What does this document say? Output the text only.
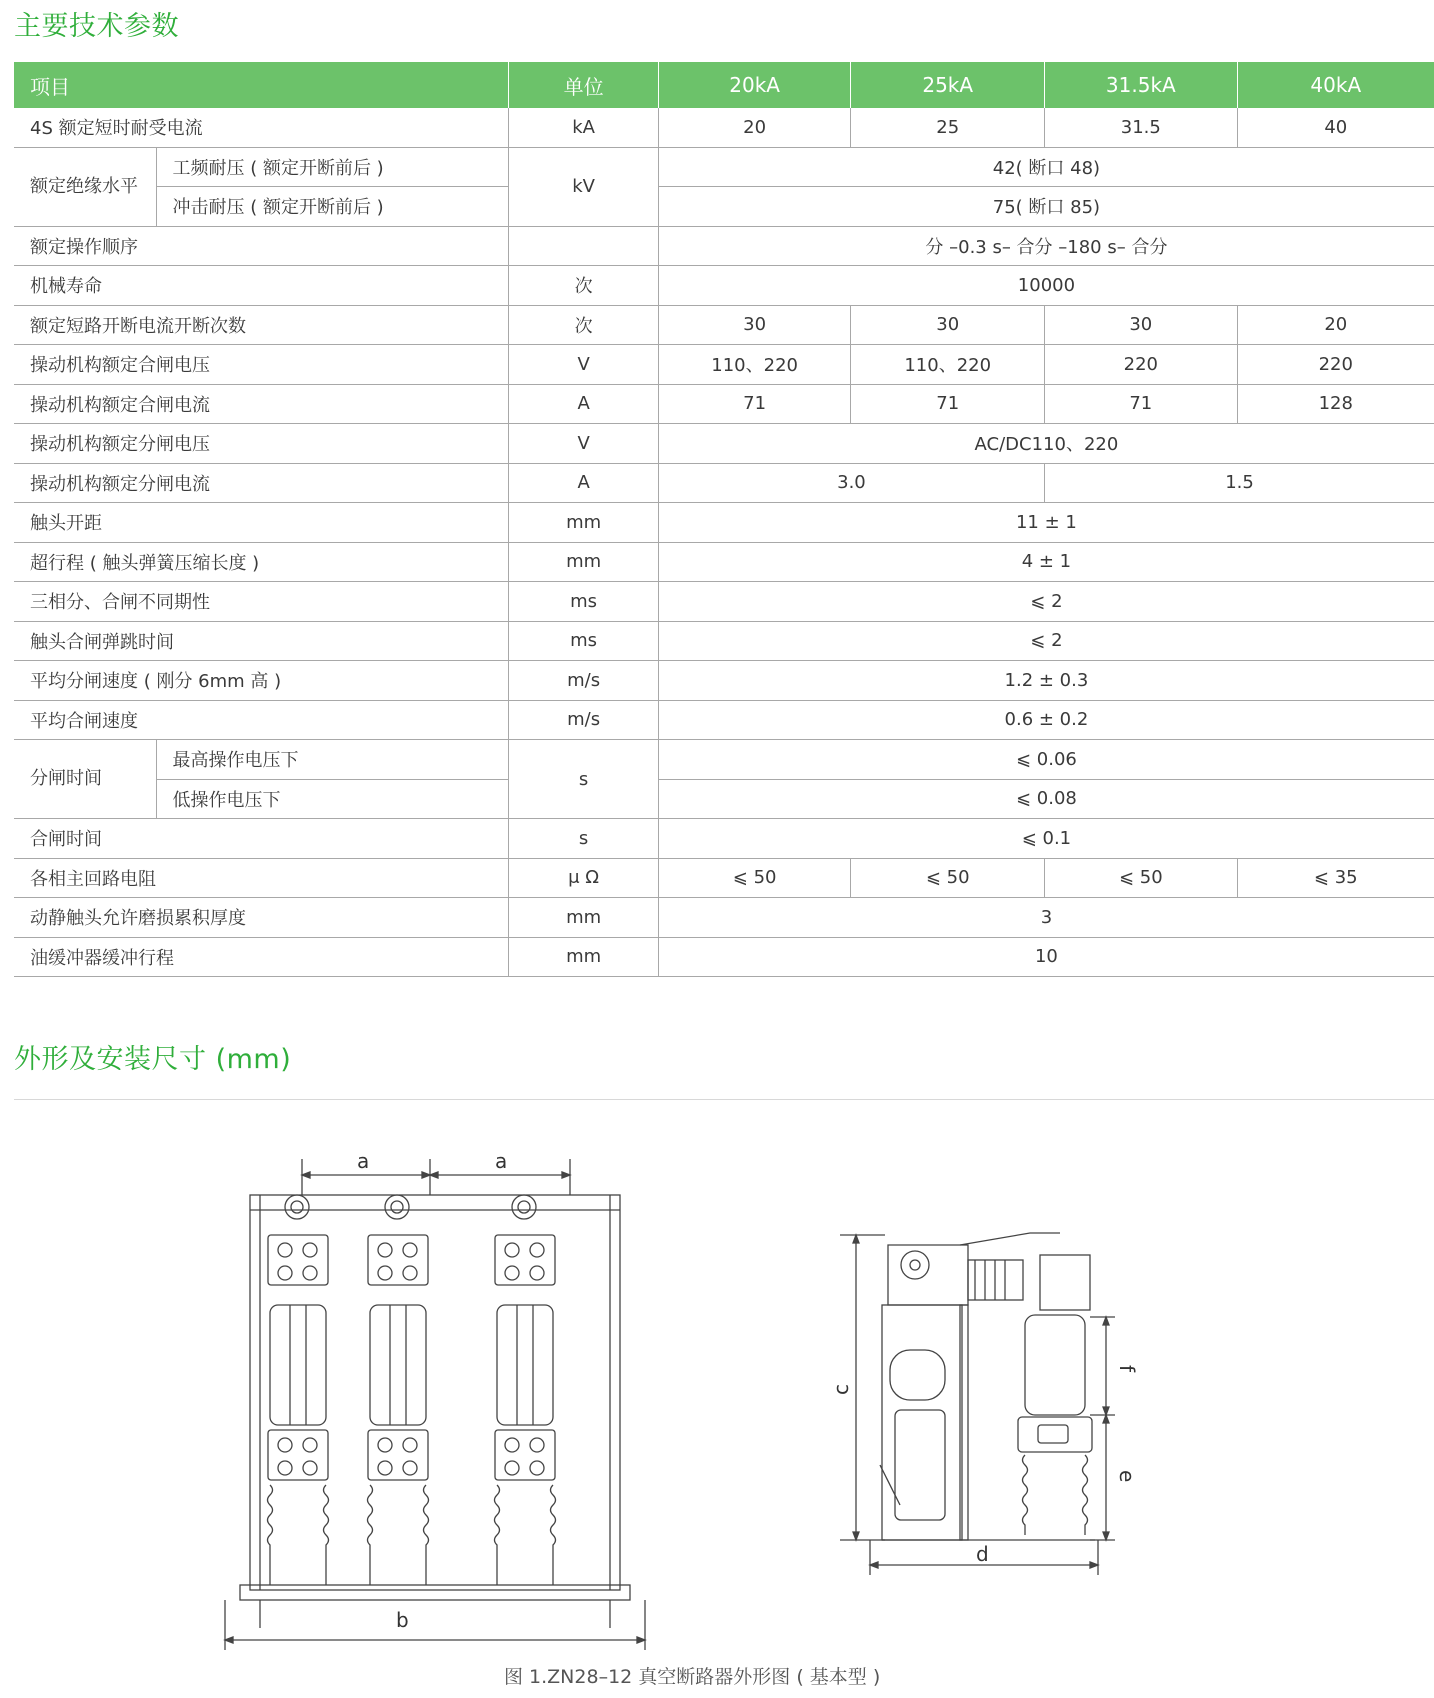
主要技术参数
项目		单位	20kA	25kA	31.5kA	40kA
4S 额定短时耐受电流		kA	20	25	31.5	40
额定绝缘水平	工频耐压 ( 额定开断前后 )	kV	42( 断口 48)			
	冲击耐压 ( 额定开断前后 )		75( 断口 85)			
额定操作顺序			分 –0.3 s– 合分 –180 s– 合分			
机械寿命		次	10000			
额定短路开断电流开断次数		次	30	30	30	20
操动机构额定合闸电压		V	110、220	110、220	220	220
操动机构额定合闸电流		A	71	71	71	128
操动机构额定分闸电压		V	AC/DC110、220			
操动机构额定分闸电流		A	3.0		1.5	
触头开距		mm	11 ± 1			
超行程 ( 触头弹簧压缩长度 )		mm	4 ± 1			
三相分、合闸不同期性		ms	⩽ 2			
触头合闸弹跳时间		ms	⩽ 2			
平均分闸速度 ( 刚分 6mm 高 )		m/s	1.2 ± 0.3			
平均合闸速度		m/s	0.6 ± 0.2			
分闸时间	最高操作电压下	s	⩽ 0.06			
	低操作电压下		⩽ 0.08			
合闸时间		s	⩽ 0.1			
各相主回路电阻		μ Ω	⩽ 50	⩽ 50	⩽ 50	⩽ 35
动静触头允许磨损累积厚度		mm	3			
油缓冲器缓冲行程		mm	10			
外形及安装尺寸 (mm)
a	a
b
c
f
e
d
图 1.ZN28–12 真空断路器外形图 ( 基本型 )
